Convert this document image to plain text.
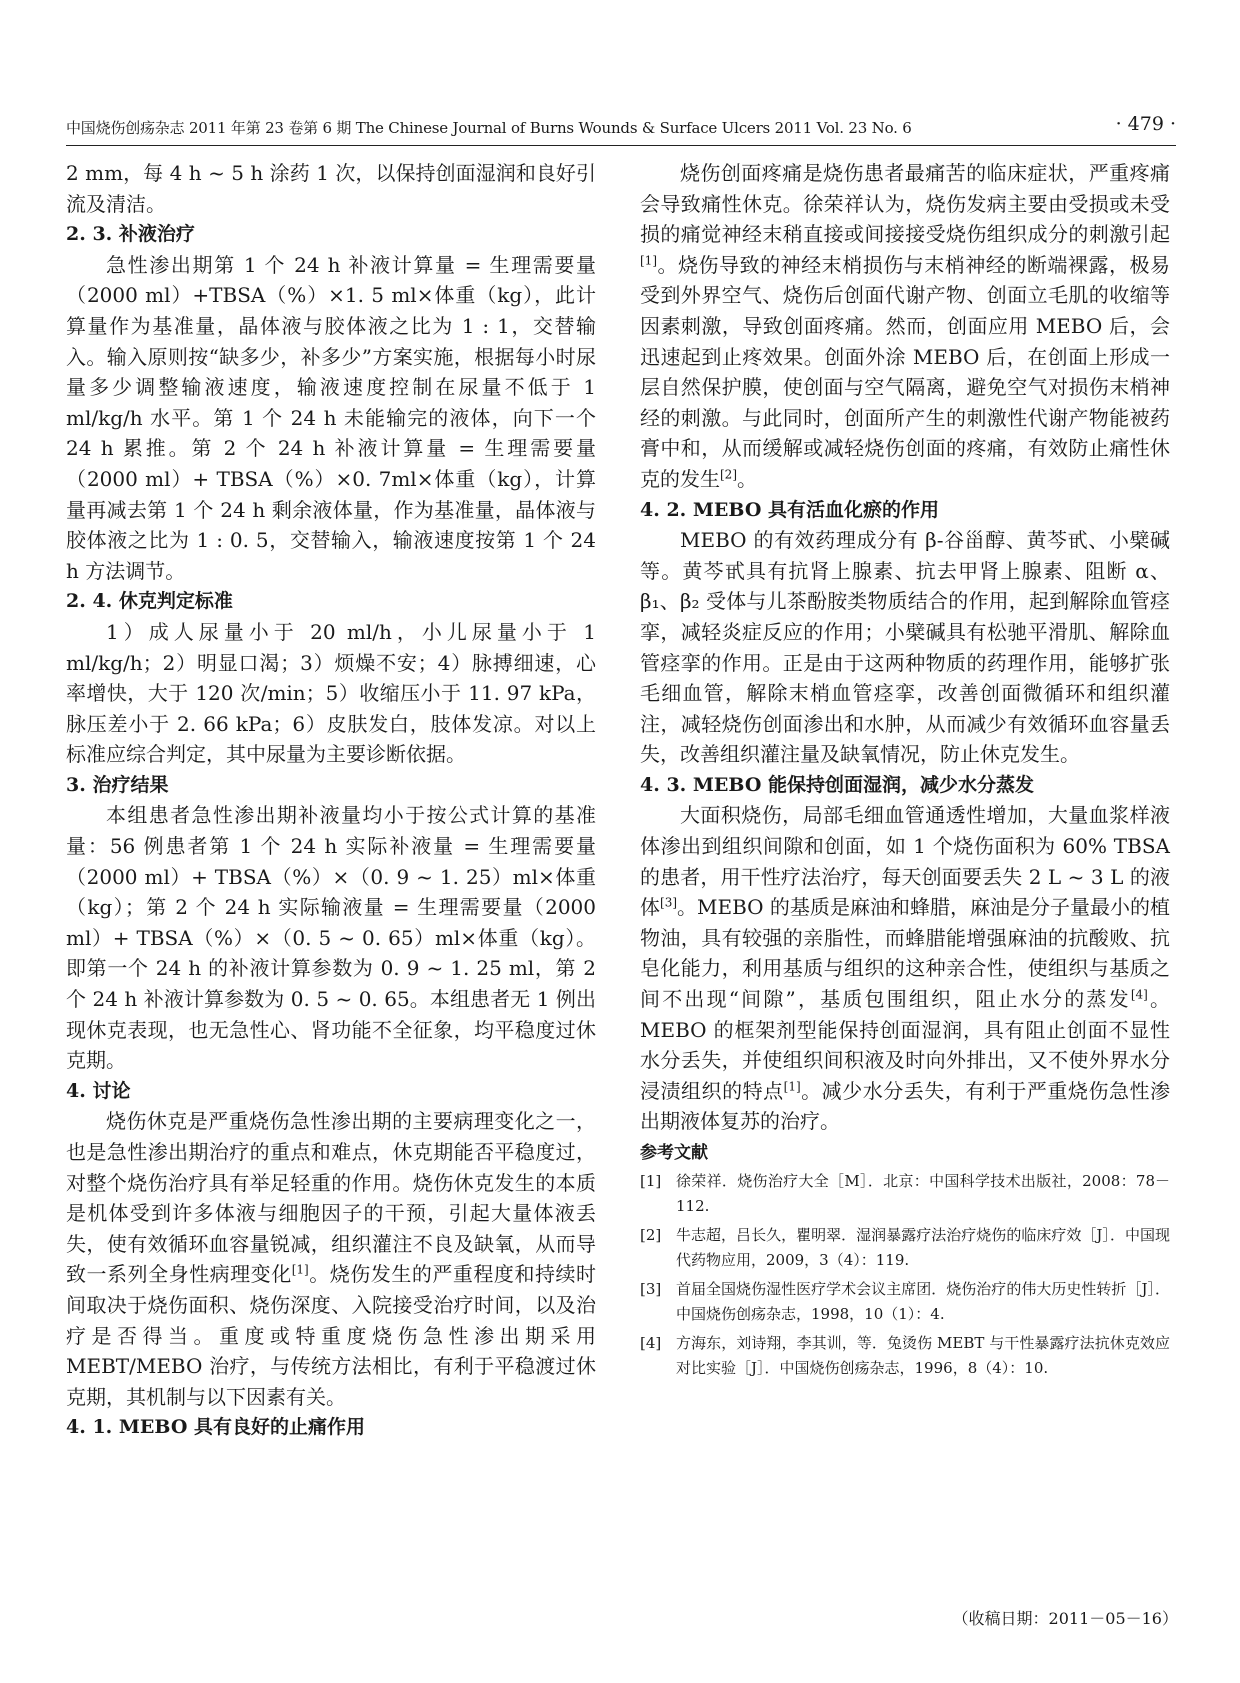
中国烧伤创疡杂志 2011 年第 23 卷第 6 期 The Chinese Journal of Burns Wounds & Surface Ulcers 2011 Vol. 23 No. 6	· 479 ·

2 mm，每 4 h ~ 5 h 涂药 1 次，以保持创面湿润和良好引流及清洁。

2. 3. 补液治疗

急性渗出期第 1 个 24 h 补液计算量 = 生理需要量（2000 ml）+TBSA（%）×1. 5 ml×体重（kg），此计算量作为基准量，晶体液与胶体液之比为 1 : 1，交替输入。输入原则按“缺多少，补多少”方案实施，根据每小时尿量多少调整输液速度，输液速度控制在尿量不低于 1 ml/kg/h 水平。第 1 个 24 h 未能输完的液体，向下一个 24 h 累推。第 2 个 24 h 补液计算量 = 生理需要量（2000 ml）+ TBSA（%）×0. 7ml×体重（kg），计算量再减去第 1 个 24 h 剩余液体量，作为基准量，晶体液与胶体液之比为 1 : 0. 5，交替输入，输液速度按第 1 个 24 h 方法调节。

2. 4. 休克判定标准

1）成人尿量小于 20 ml/h，小儿尿量小于 1 ml/kg/h；2）明显口渴；3）烦燥不安；4）脉搏细速，心率增快，大于 120 次/min；5）收缩压小于 11. 97 kPa，脉压差小于 2. 66 kPa；6）皮肤发白，肢体发凉。对以上标准应综合判定，其中尿量为主要诊断依据。

3. 治疗结果

本组患者急性渗出期补液量均小于按公式计算的基准量：56 例患者第 1 个 24 h 实际补液量 = 生理需要量（2000 ml）+ TBSA（%）×（0. 9 ~ 1. 25）ml×体重（kg）；第 2 个 24 h 实际输液量 = 生理需要量（2000 ml）+ TBSA（%）×（0. 5 ~ 0. 65）ml×体重（kg）。即第一个 24 h 的补液计算参数为 0. 9 ~ 1. 25 ml，第 2 个 24 h 补液计算参数为 0. 5 ~ 0. 65。本组患者无 1 例出现休克表现，也无急性心、肾功能不全征象，均平稳度过休克期。

4. 讨论

烧伤休克是严重烧伤急性渗出期的主要病理变化之一，也是急性渗出期治疗的重点和难点，休克期能否平稳度过，对整个烧伤治疗具有举足轻重的作用。烧伤休克发生的本质是机体受到许多体液与细胞因子的干预，引起大量体液丢失，使有效循环血容量锐减，组织灌注不良及缺氧，从而导致一系列全身性病理变化[1]。烧伤发生的严重程度和持续时间取决于烧伤面积、烧伤深度、入院接受治疗时间，以及治疗是否得当。重度或特重度烧伤急性渗出期采用 MEBT/MEBO 治疗，与传统方法相比，有利于平稳渡过休克期，其机制与以下因素有关。

4. 1. MEBO 具有良好的止痛作用

烧伤创面疼痛是烧伤患者最痛苦的临床症状，严重疼痛会导致痛性休克。徐荣祥认为，烧伤发病主要由受损或未受损的痛觉神经末稍直接或间接接受烧伤组织成分的刺激引起[1]。烧伤导致的神经末梢损伤与末梢神经的断端裸露，极易受到外界空气、烧伤后创面代谢产物、创面立毛肌的收缩等因素刺激，导致创面疼痛。然而，创面应用 MEBO 后，会迅速起到止疼效果。创面外涂 MEBO 后，在创面上形成一层自然保护膜，使创面与空气隔离，避免空气对损伤末梢神经的刺激。与此同时，创面所产生的刺激性代谢产物能被药膏中和，从而缓解或减轻烧伤创面的疼痛，有效防止痛性休克的发生[2]。

4. 2. MEBO 具有活血化瘀的作用

MEBO 的有效药理成分有 β-谷甾醇、黄芩甙、小檗碱等。黄芩甙具有抗肾上腺素、抗去甲肾上腺素、阻断 α、β₁、β₂ 受体与儿茶酚胺类物质结合的作用，起到解除血管痉挛，减轻炎症反应的作用；小檗碱具有松驰平滑肌、解除血管痉挛的作用。正是由于这两种物质的药理作用，能够扩张毛细血管，解除末梢血管痉挛，改善创面微循环和组织灌注，减轻烧伤创面渗出和水肿，从而减少有效循环血容量丢失，改善组织灌注量及缺氧情况，防止休克发生。

4. 3. MEBO 能保持创面湿润，减少水分蒸发

大面积烧伤，局部毛细血管通透性增加，大量血浆样液体渗出到组织间隙和创面，如 1 个烧伤面积为 60% TBSA 的患者，用干性疗法治疗，每天创面要丢失 2 L ~ 3 L 的液体[3]。MEBO 的基质是麻油和蜂腊，麻油是分子量最小的植物油，具有较强的亲脂性，而蜂腊能增强麻油的抗酸败、抗皂化能力，利用基质与组织的这种亲合性，使组织与基质之间不出现“间隙”，基质包围组织，阻止水分的蒸发[4]。MEBO 的框架剂型能保持创面湿润，具有阻止创面不显性水分丢失，并使组织间积液及时向外排出，又不使外界水分浸渍组织的特点[1]。减少水分丢失，有利于严重烧伤急性渗出期液体复苏的治疗。

参考文献
[1] 徐荣祥．烧伤治疗大全［M］．北京：中国科学技术出版社，2008：78－112.
[2] 牛志超，吕长久，瞿明翠．湿润暴露疗法治疗烧伤的临床疗效［J］．中国现代药物应用，2009，3（4）：119.
[3] 首届全国烧伤湿性医疗学术会议主席团．烧伤治疗的伟大历史性转折［J］．中国烧伤创疡杂志，1998，10（1）：4.
[4] 方海东，刘诗翔，李其训，等．兔烫伤 MEBT 与干性暴露疗法抗休克效应对比实验［J］．中国烧伤创疡杂志，1996，8（4）：10.
（收稿日期：2011－05－16）
